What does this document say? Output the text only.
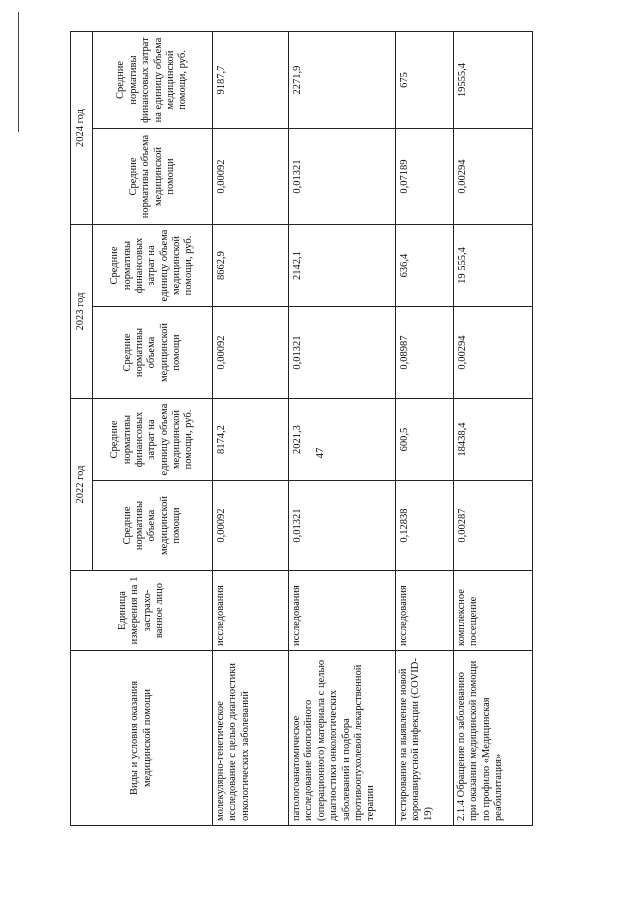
47
Виды и условия оказания медицинской помощи	Единица измерения на 1 застрахо-ванное лицо	2022 год		2023 год		2024 год	
		Средние нормативы объема медицинской помощи	Средние нормативы финансовых затрат на единицу объема медицинской помощи, руб.	Средние нормативы объема медицинской помощи	Средние нормативы финансовых затрат на единицу объема медицинской помощи, руб.	Средние нормативы объема медицинской помощи	Средние нормативы финансовых затрат на единицу объема медицинской помощи, руб.
молекулярно-генетическое исследование с целью диагностики онкологических заболеваний	исследования	0,00092	8174,2	0,00092	8662,9	0,00092	9187,7
патологоанатомическое исследование биопсийного (операционного) материала с целью диагностики онкологических заболеваний и подбора противоопухолевой лекарственной терапии	исследования	0,01321	2021,3	0,01321	2142,1	0,01321	2271,9
тестирование на выявление новой коронавирусной инфекции (COVID-19)	исследования	0,12838	600,5	0,08987	636,4	0,07189	675
2.1.4 Обращение по заболеванию при оказании медицинской помощи по профилю «Медицинская реабилитация»	комплексное посещение	0,00287	18438,4	0,00294	19 555,4	0,00294	19555,4
